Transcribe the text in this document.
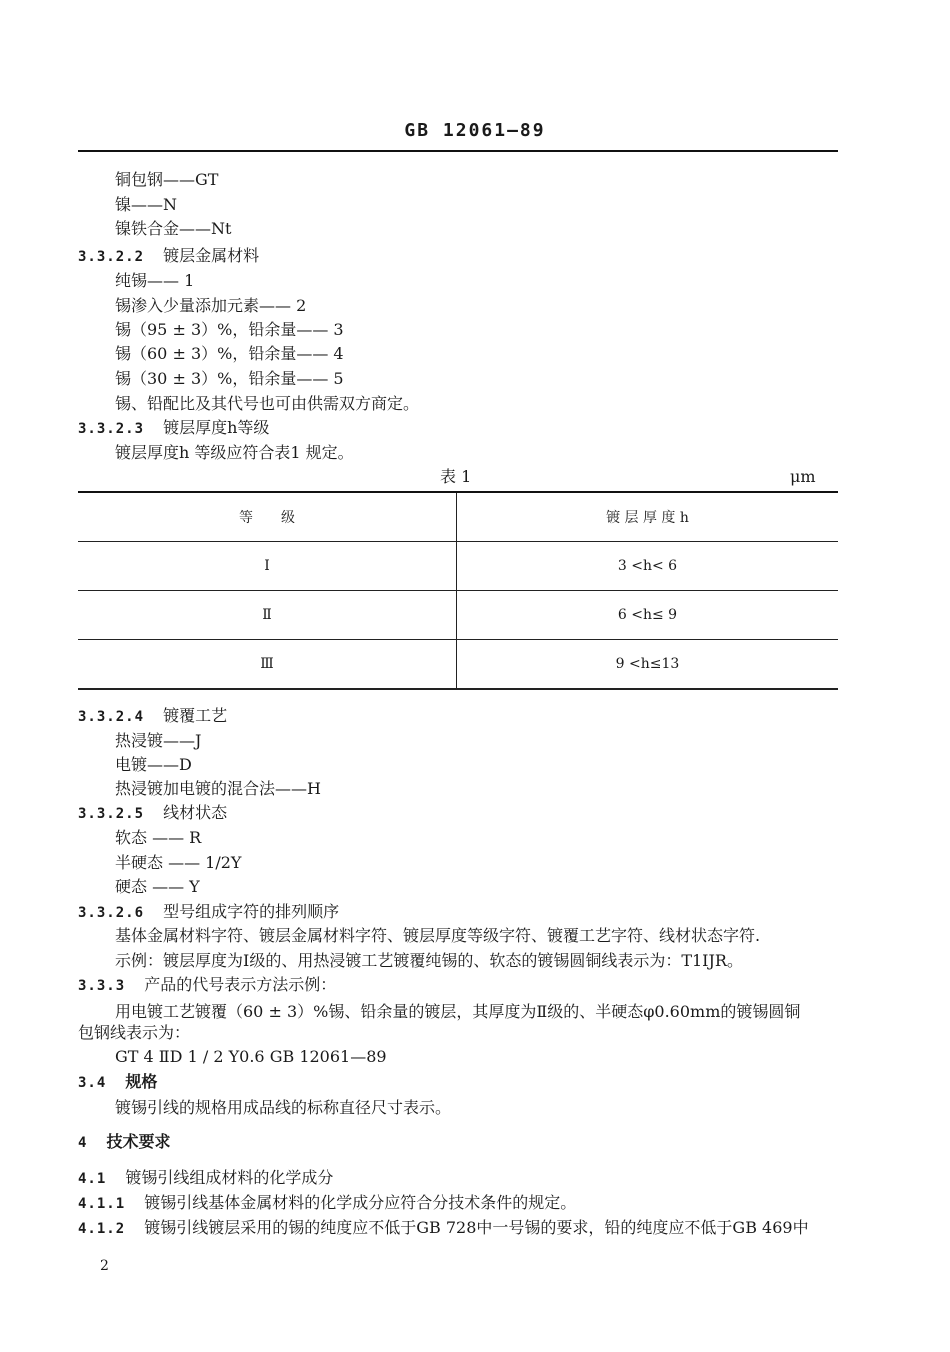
GB 12061—89
铜包钢——GT
镍——N
镍铁合金——Nt
3.3.2.2 镀层金属材料
纯锡—— 1
锡渗入少量添加元素—— 2
锡（95 ± 3）%，铅余量—— 3
锡（60 ± 3）%，铅余量—— 4
锡（30 ± 3）%，铅余量—— 5
锡、铅配比及其代号也可由供需双方商定。
3.3.2.3 镀层厚度h等级
镀层厚度h 等级应符合表1 规定。
表 1	μm
等　　级	镀 层 厚 度 h
Ⅰ	3 <h< 6
Ⅱ	6 <h≤ 9
Ⅲ	9 <h≤13
3.3.2.4 镀覆工艺
热浸镀——J
电镀——D
热浸镀加电镀的混合法——H
3.3.2.5 线材状态
软态 —— R
半硬态 —— 1/2Y
硬态 —— Y
3.3.2.6 型号组成字符的排列顺序
基体金属材料字符、镀层金属材料字符、镀层厚度等级字符、镀覆工艺字符、线材状态字符.
示例：镀层厚度为Ⅰ级的、用热浸镀工艺镀覆纯锡的、软态的镀锡圆铜线表示为：T1IJR。
3.3.3 产品的代号表示方法示例：
用电镀工艺镀覆（60 ± 3）%锡、铅余量的镀层，其厚度为Ⅱ级的、半硬态φ0.60mm的镀锡圆铜
包钢线表示为：
GT 4 ⅡD 1 / 2 Y0.6 GB 12061—89
3.4 规格
镀锡引线的规格用成品线的标称直径尺寸表示。
4 技术要求
4.1 镀锡引线组成材料的化学成分
4.1.1 镀锡引线基体金属材料的化学成分应符合分技术条件的规定。
4.1.2 镀锡引线镀层采用的锡的纯度应不低于GB 728中一号锡的要求，铅的纯度应不低于GB 469中
2
